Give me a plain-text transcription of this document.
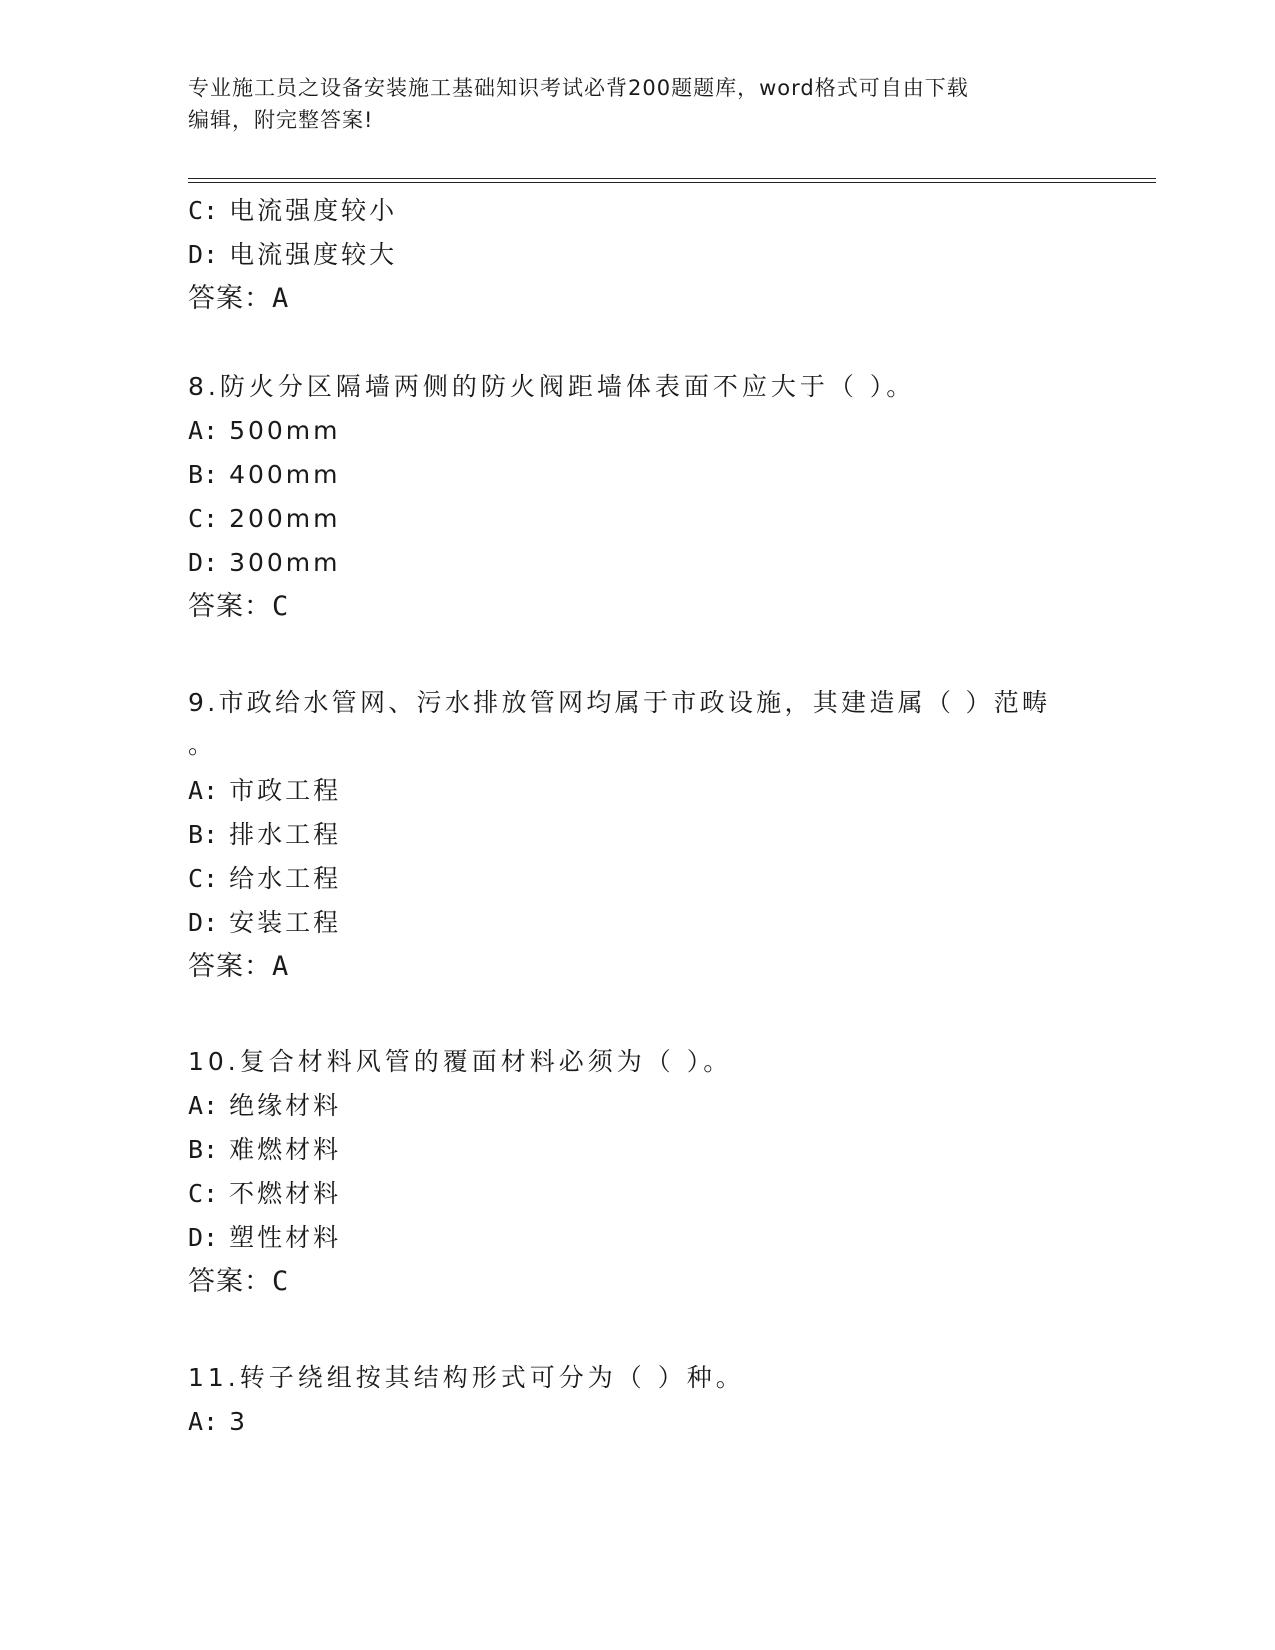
专业施工员之设备安装施工基础知识考试必背200题题库，word格式可自由下载
编辑，附完整答案!
C: 电流强度较小
D: 电流强度较大
答案：A
8.防火分区隔墙两侧的防火阀距墙体表面不应大于（ ）。
A: 500mm
B: 400mm
C: 200mm
D: 300mm
答案：C
9.市政给水管网、污水排放管网均属于市政设施，其建造属（ ）范畴
。
A: 市政工程
B: 排水工程
C: 给水工程
D: 安装工程
答案：A
10.复合材料风管的覆面材料必须为（ ）。
A: 绝缘材料
B: 难燃材料
C: 不燃材料
D: 塑性材料
答案：C
11.转子绕组按其结构形式可分为（ ）种。
A: 3
